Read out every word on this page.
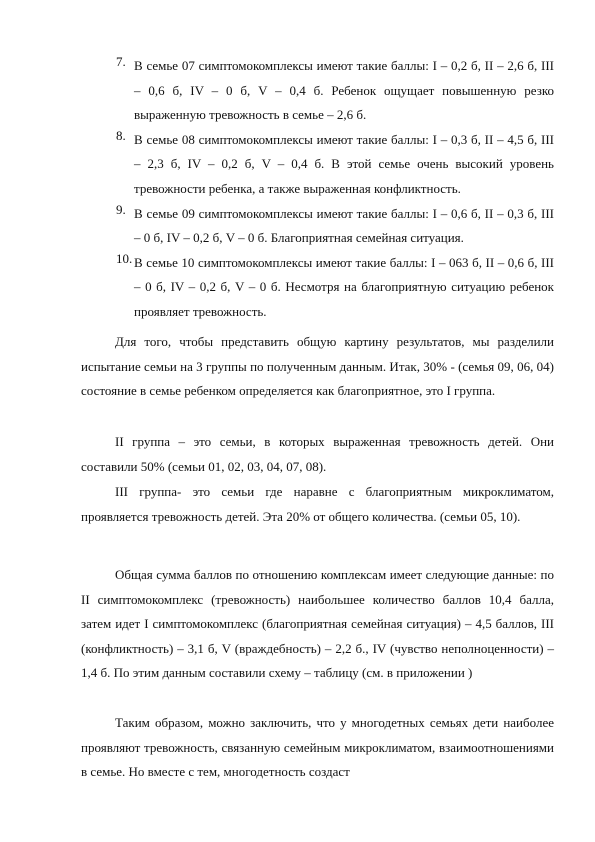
7. В семье 07 симптомокомплексы имеют такие баллы: I – 0,2 б, II – 2,6 б, III – 0,6 б, IV – 0 б, V – 0,4 б. Ребенок ощущает повышенную резко выраженную тревожность в семье – 2,6 б.
8. В семье 08 симптомокомплексы имеют такие баллы: I – 0,3 б, II – 4,5 б, III – 2,3 б, IV – 0,2 б, V – 0,4 б. В этой семье очень высокий уровень тревожности ребенка, а также выраженная конфликтность.
9. В семье 09 симптомокомплексы имеют такие баллы: I – 0,6 б, II – 0,3 б, III – 0 б, IV – 0,2 б, V – 0 б. Благоприятная семейная ситуация.
10. В семье 10 симптомокомплексы имеют такие баллы: I – 063 б, II – 0,6 б, III – 0 б, IV – 0,2 б, V – 0 б. Несмотря на благоприятную ситуацию ребенок проявляет тревожность.

Для того, чтобы представить общую картину результатов, мы разделили испытание семьи на 3 группы по полученным данным. Итак, 30% - (семья 09, 06, 04) состояние в семье ребенком определяется как благоприятное, это I группа.

II группа – это семьи, в которых выраженная тревожность детей. Они составили 50% (семьи 01, 02, 03, 04, 07, 08).

III группа- это семьи где наравне с благоприятным микроклиматом, проявляется тревожность детей. Эта 20% от общего количества. (семьи 05, 10).

Общая сумма баллов по отношению комплексам имеет следующие данные: по II симптомокомплекс (тревожность) наибольшее количество баллов 10,4 балла, затем идет I симптомокомплекс (благоприятная семейная ситуация) – 4,5 баллов, III (конфликтность) – 3,1 б, V (враждебность) – 2,2 б., IV (чувство неполноценности) – 1,4 б. По этим данным составили схему – таблицу (см. в приложении )

Таким образом, можно заключить, что у многодетных семьях дети наиболее проявляют тревожность, связанную семейным микроклиматом, взаимоотношениями в семье. Но вместе с тем, многодетность создаст
